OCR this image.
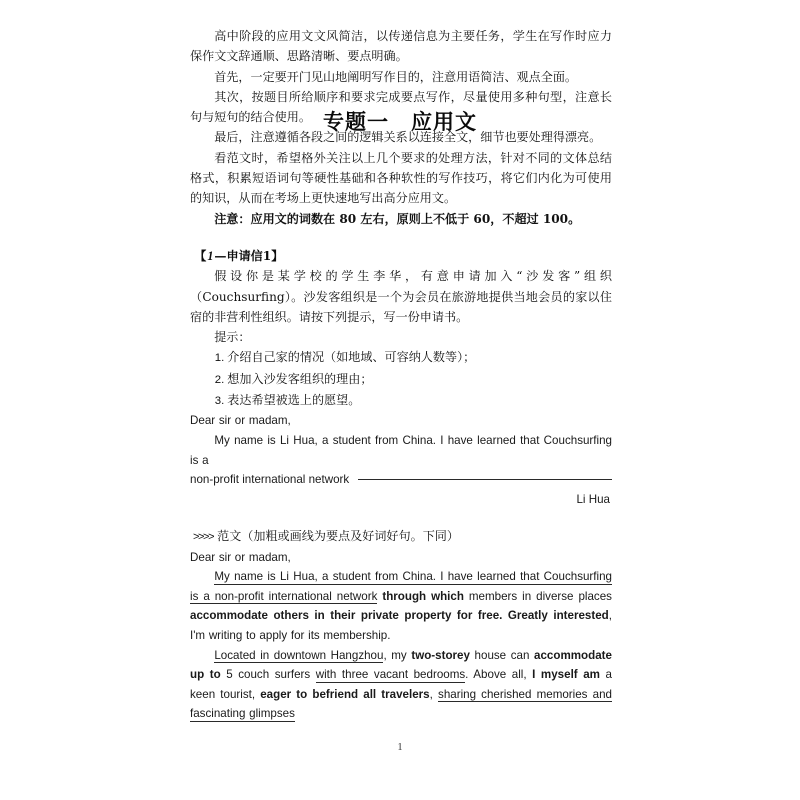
专题一　应用文

高中阶段的应用文文风简洁，以传递信息为主要任务，学生在写作时应力保作文文辞通顺、思路清晰、要点明确。

首先，一定要开门见山地阐明写作目的，注意用语简洁、观点全面。

其次，按题目所给顺序和要求完成要点写作，尽量使用多种句型，注意长句与短句的结合使用。

最后，注意遵循各段之间的逻辑关系以连接全文，细节也要处理得漂亮。

看范文时，希望格外关注以上几个要求的处理方法，针对不同的文体总结格式，积累短语词句等硬性基础和各种软性的写作技巧，将它们内化为可使用的知识，从而在考场上更快速地写出高分应用文。

注意：应用文的词数在 80 左右，原则上不低于 60，不超过 100。

【1—申请信1】

假设你是某学校的学生李华，有意申请加入“沙发客”组织（Couchsurfing）。沙发客组织是一个为会员在旅游地提供当地会员的家以住宿的非营利性组织。请按下列提示，写一份申请书。

提示：

1. 介绍自己家的情况（如地域、可容纳人数等）；

2. 想加入沙发客组织的理由；

3. 表达希望被选上的愿望。

Dear sir or madam,

My name is Li Hua, a student from China. I have learned that Couchsurfing is a

non-profit international network

Li Hua

>>>> 范文（加粗或画线为要点及好词好句。下同）

Dear sir or madam,

My name is Li Hua, a student from China. I have learned that Couchsurfing is a non-profit international network through which members in diverse places accommodate others in their private property for free. Greatly interested, I'm writing to apply for its membership.

Located in downtown Hangzhou, my two-storey house can accommodate up to 5 couch surfers with three vacant bedrooms. Above all, I myself am a keen tourist, eager to befriend all travelers, sharing cherished memories and fascinating glimpses

1
